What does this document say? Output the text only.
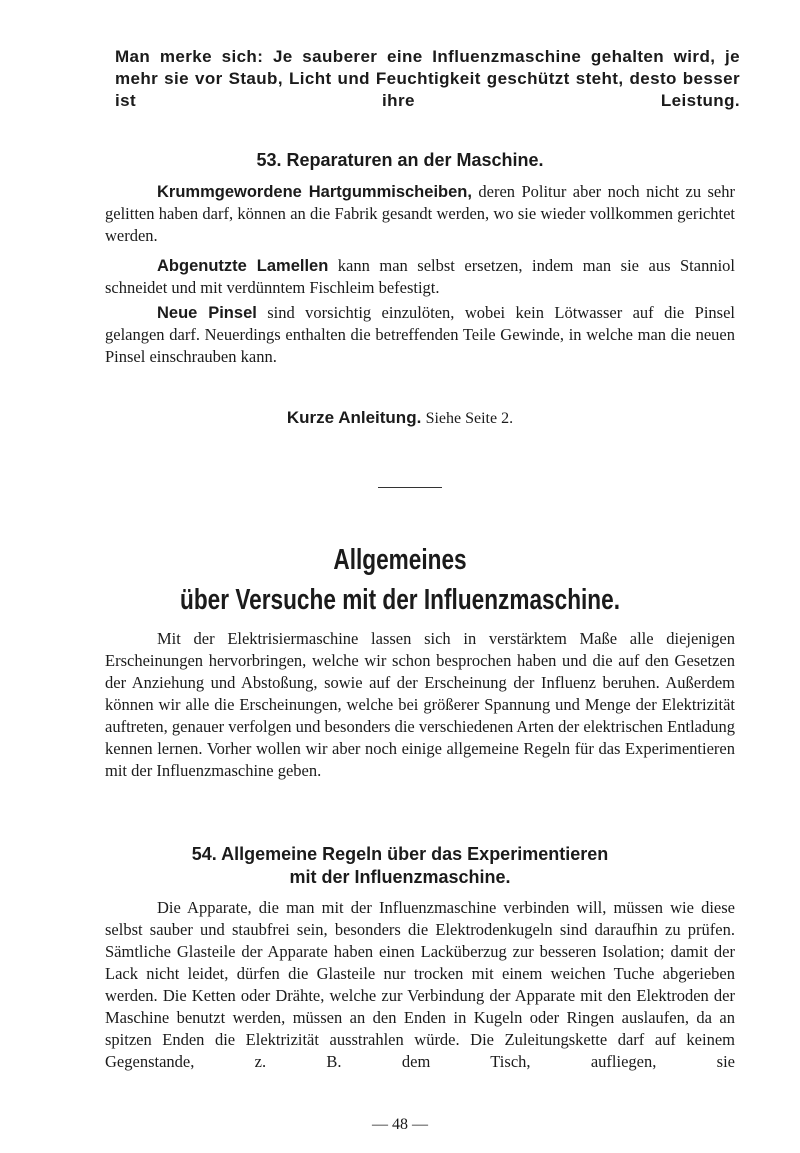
Man merke sich: Je sauberer eine Influenzmaschine gehalten wird, je mehr sie vor Staub, Licht und Feuchtigkeit geschützt steht, desto besser ist ihre Leistung.
53. Reparaturen an der Maschine.
Krummgewordene Hartgummischeiben, deren Politur aber noch nicht zu sehr gelitten haben darf, können an die Fabrik gesandt werden, wo sie wieder vollkommen gerichtet werden.
Abgenutzte Lamellen kann man selbst ersetzen, indem man sie aus Stanniol schneidet und mit verdünntem Fischleim befestigt.
Neue Pinsel sind vorsichtig einzulöten, wobei kein Lötwasser auf die Pinsel gelangen darf. Neuerdings enthalten die betreffenden Teile Gewinde, in welche man die neuen Pinsel einschrauben kann.
Kurze Anleitung. Siehe Seite 2.
Allgemeines
über Versuche mit der Influenzmaschine.
Mit der Elektrisiermaschine lassen sich in verstärktem Maße alle diejenigen Erscheinungen hervorbringen, welche wir schon besprochen haben und die auf den Gesetzen der Anziehung und Abstoßung, sowie auf der Erscheinung der Influenz beruhen. Außerdem können wir alle die Erscheinungen, welche bei größerer Spannung und Menge der Elektrizität auftreten, genauer verfolgen und besonders die verschiedenen Arten der elektrischen Entladung kennen lernen. Vorher wollen wir aber noch einige allgemeine Regeln für das Experimentieren mit der Influenzmaschine geben.
54. Allgemeine Regeln über das Experimentieren
mit der Influenzmaschine.
Die Apparate, die man mit der Influenzmaschine verbinden will, müssen wie diese selbst sauber und staubfrei sein, besonders die Elektrodenkugeln sind daraufhin zu prüfen. Sämtliche Glasteile der Apparate haben einen Lacküberzug zur besseren Isolation; damit der Lack nicht leidet, dürfen die Glasteile nur trocken mit einem weichen Tuche abgerieben werden. Die Ketten oder Drähte, welche zur Verbindung der Apparate mit den Elektroden der Maschine benutzt werden, müssen an den Enden in Kugeln oder Ringen auslaufen, da an spitzen Enden die Elektrizität ausstrahlen würde. Die Zuleitungskette darf auf keinem Gegenstande, z. B. dem Tisch, aufliegen, sie
— 48 —
